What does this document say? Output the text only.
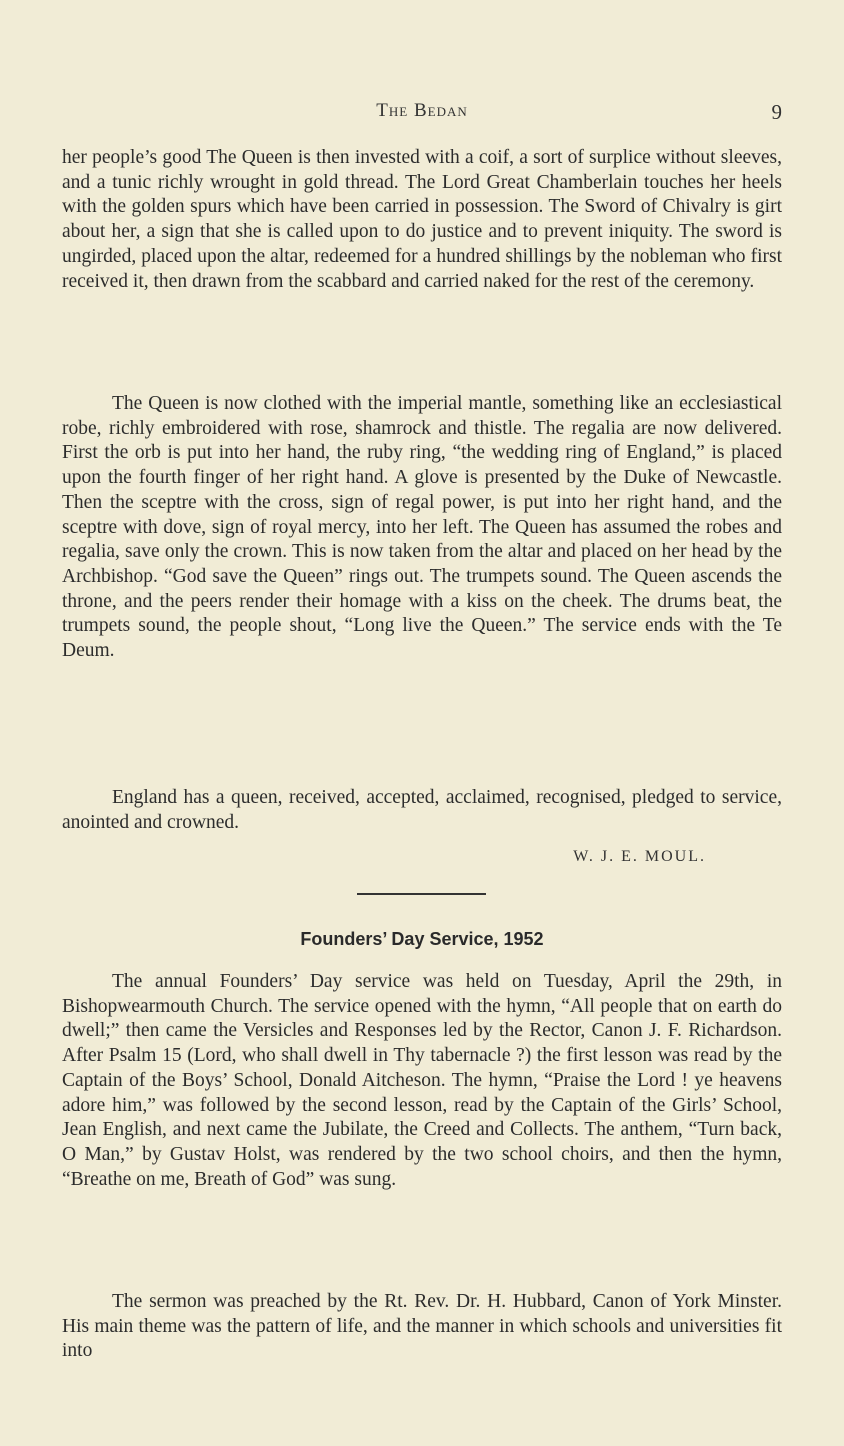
The Bedan	9

her people’s good The Queen is then invested with a coif, a sort of surplice without sleeves, and a tunic richly wrought in gold thread. The Lord Great Chamberlain touches her heels with the golden spurs which have been carried in possession. The Sword of Chivalry is girt about her, a sign that she is called upon to do justice and to prevent iniquity. The sword is ungirded, placed upon the altar, redeemed for a hundred shillings by the nobleman who first received it, then drawn from the scabbard and carried naked for the rest of the ceremony.

The Queen is now clothed with the imperial mantle, something like an ecclesiastical robe, richly embroidered with rose, shamrock and thistle. The regalia are now delivered. First the orb is put into her hand, the ruby ring, “the wedding ring of England,” is placed upon the fourth finger of her right hand. A glove is presented by the Duke of Newcastle. Then the sceptre with the cross, sign of regal power, is put into her right hand, and the sceptre with dove, sign of royal mercy, into her left. The Queen has assumed the robes and regalia, save only the crown. This is now taken from the altar and placed on her head by the Archbishop. “God save the Queen” rings out. The trumpets sound. The Queen ascends the throne, and the peers render their homage with a kiss on the cheek. The drums beat, the trumpets sound, the people shout, “Long live the Queen.” The service ends with the Te Deum.

England has a queen, received, accepted, acclaimed, recognised, pledged to service, anointed and crowned.

W. J. E. MOUL.
Founders’ Day Service, 1952

The annual Founders’ Day service was held on Tuesday, April the 29th, in Bishopwearmouth Church. The service opened with the hymn, “All people that on earth do dwell;” then came the Versicles and Responses led by the Rector, Canon J. F. Richardson. After Psalm 15 (Lord, who shall dwell in Thy tabernacle ?) the first lesson was read by the Captain of the Boys’ School, Donald Aitcheson. The hymn, “Praise the Lord ! ye heavens adore him,” was followed by the second lesson, read by the Captain of the Girls’ School, Jean English, and next came the Jubilate, the Creed and Collects. The anthem, “Turn back, O Man,” by Gustav Holst, was rendered by the two school choirs, and then the hymn, “Breathe on me, Breath of God” was sung.

The sermon was preached by the Rt. Rev. Dr. H. Hubbard, Canon of York Minster. His main theme was the pattern of life, and the manner in which schools and universities fit into
